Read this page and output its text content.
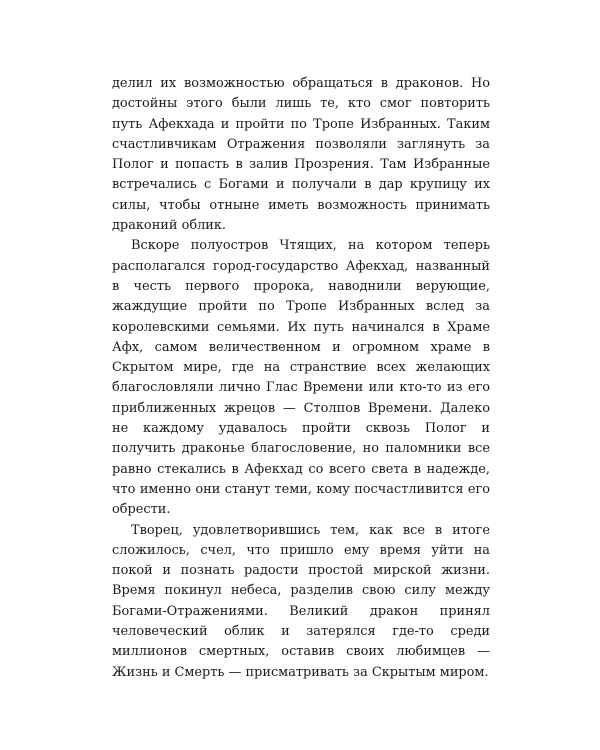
делил их возможностью обращаться в драконов. Но достойны этого были лишь те, кто смог повторить путь Афекхада и пройти по Тропе Избранных. Таким счастливчикам Отражения позволяли заглянуть за Полог и попасть в залив Прозрения. Там Избранные встречались с Богами и получали в дар крупицу их силы, чтобы отныне иметь возможность принимать драконий облик.

Вскоре полуостров Чтящих, на котором теперь располагался город-государство Афекхад, названный в честь первого пророка, наводнили верующие, жаждущие пройти по Тропе Избранных вслед за королевскими семьями. Их путь начинался в Храме Афх, самом величественном и огромном храме в Скрытом мире, где на странствие всех желающих благословляли лично Глас Времени или кто-то из его приближенных жрецов — Столпов Времени. Далеко не каждому удавалось пройти сквозь Полог и получить драконье благословение, но паломники все равно стекались в Афекхад со всего света в надежде, что именно они станут теми, кому посчастливится его обрести.

Творец, удовлетворившись тем, как все в итоге сложилось, счел, что пришло ему время уйти на покой и познать радости простой мирской жизни. Время покинул небеса, разделив свою силу между Богами-Отражениями. Великий дракон принял человеческий облик и затерялся где-то среди миллионов смертных, оставив своих любимцев — Жизнь и Смерть — присматривать за Скрытым миром.
